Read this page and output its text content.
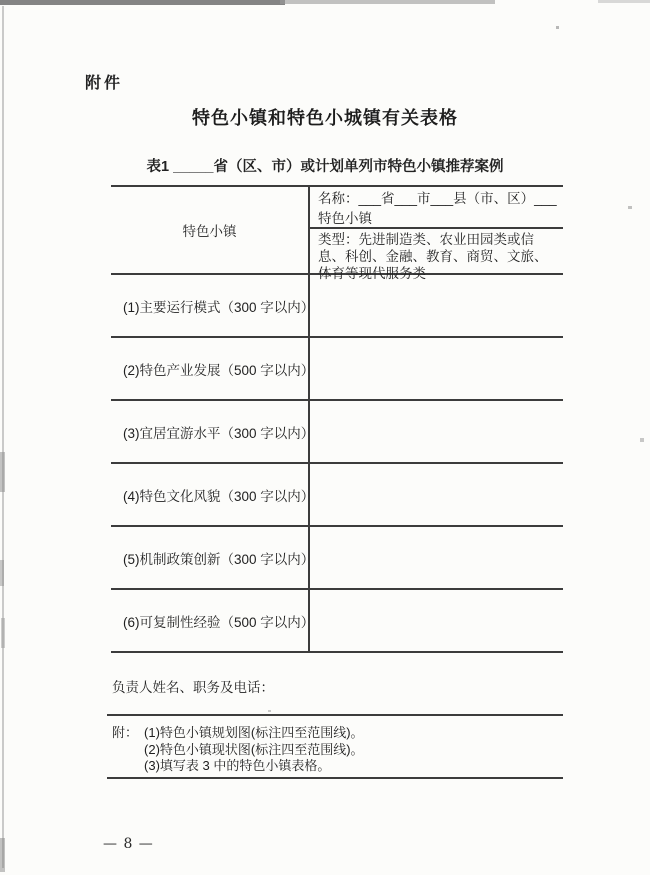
附件
特色小镇和特色小城镇有关表格
表1 _____省（区、市）或计划单列市特色小镇推荐案例
特色小镇
名称：___省___市___县（市、区）___特色小镇
类型：先进制造类、农业田园类或信息、科创、金融、教育、商贸、文旅、体育等现代服务类
(1)主要运行模式（300 字以内）
(2)特色产业发展（500 字以内）
(3)宜居宜游水平（300 字以内）
(4)特色文化风貌（300 字以内）
(5)机制政策创新（300 字以内）
(6)可复制性经验（500 字以内）
负责人姓名、职务及电话：
附： (1)特色小镇规划图(标注四至范围线)。
(2)特色小镇现状图(标注四至范围线)。
(3)填写表 3 中的特色小镇表格。
— 8 —
